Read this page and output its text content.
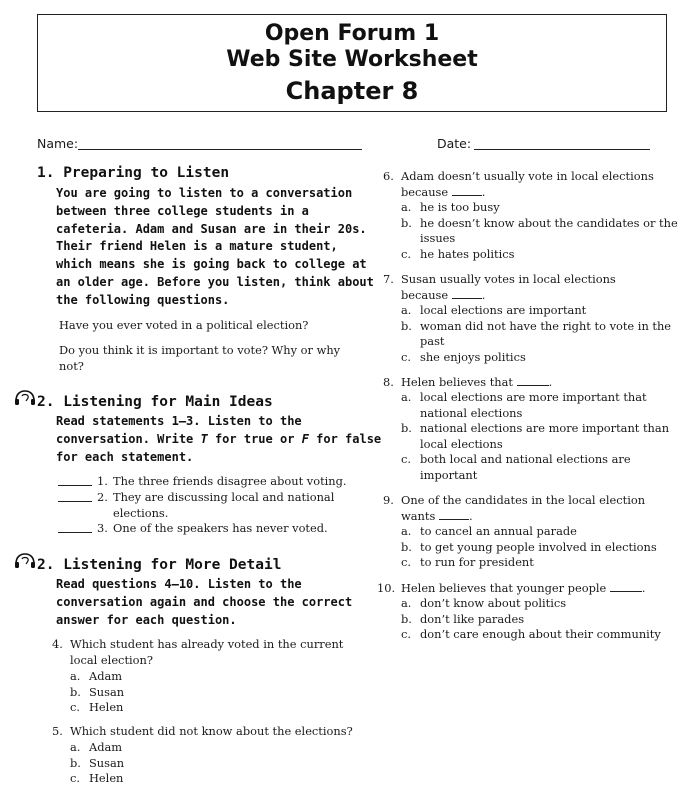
Open Forum 1
Web Site Worksheet
Chapter 8
Name:	Date:
1. Preparing to Listen
You are going to listen to a conversation
between three college students in a
cafeteria. Adam and Susan are in their 20s.
Their friend Helen is a mature student,
which means she is going back to college at
an older age. Before you listen, think about
the following questions.
Have you ever voted in a political election?
Do you think it is important to vote? Why or why
not?
2. Listening for Main Ideas
Read statements 1–3. Listen to the
conversation. Write T for true or F for false
for each statement.
1. The three friends disagree about voting.
2. They are discussing local and national
elections.
3. One of the speakers has never voted.
2. Listening for More Detail
Read questions 4–10. Listen to the
conversation again and choose the correct
answer for each question.
4. Which student has already voted in the current
local election?
a. Adam
b. Susan
c. Helen
5. Which student did not know about the elections?
a. Adam
b. Susan
c. Helen
6. Adam doesn’t usually vote in local elections
because	.
a. he is too busy
b. he doesn’t know about the candidates or the
issues
c. he hates politics
7. Susan usually votes in local elections
because	.
a. local elections are important
b. woman did not have the right to vote in the
past
c. she enjoys politics
8. Helen believes that	.
a. local elections are more important that
national elections
b. national elections are more important than
local elections
c. both local and national elections are
important
9. One of the candidates in the local election
wants	.
a. to cancel an annual parade
b. to get young people involved in elections
c. to run for president
10. Helen believes that younger people	.
a. don’t know about politics
b. don’t like parades
c. don’t care enough about their community
